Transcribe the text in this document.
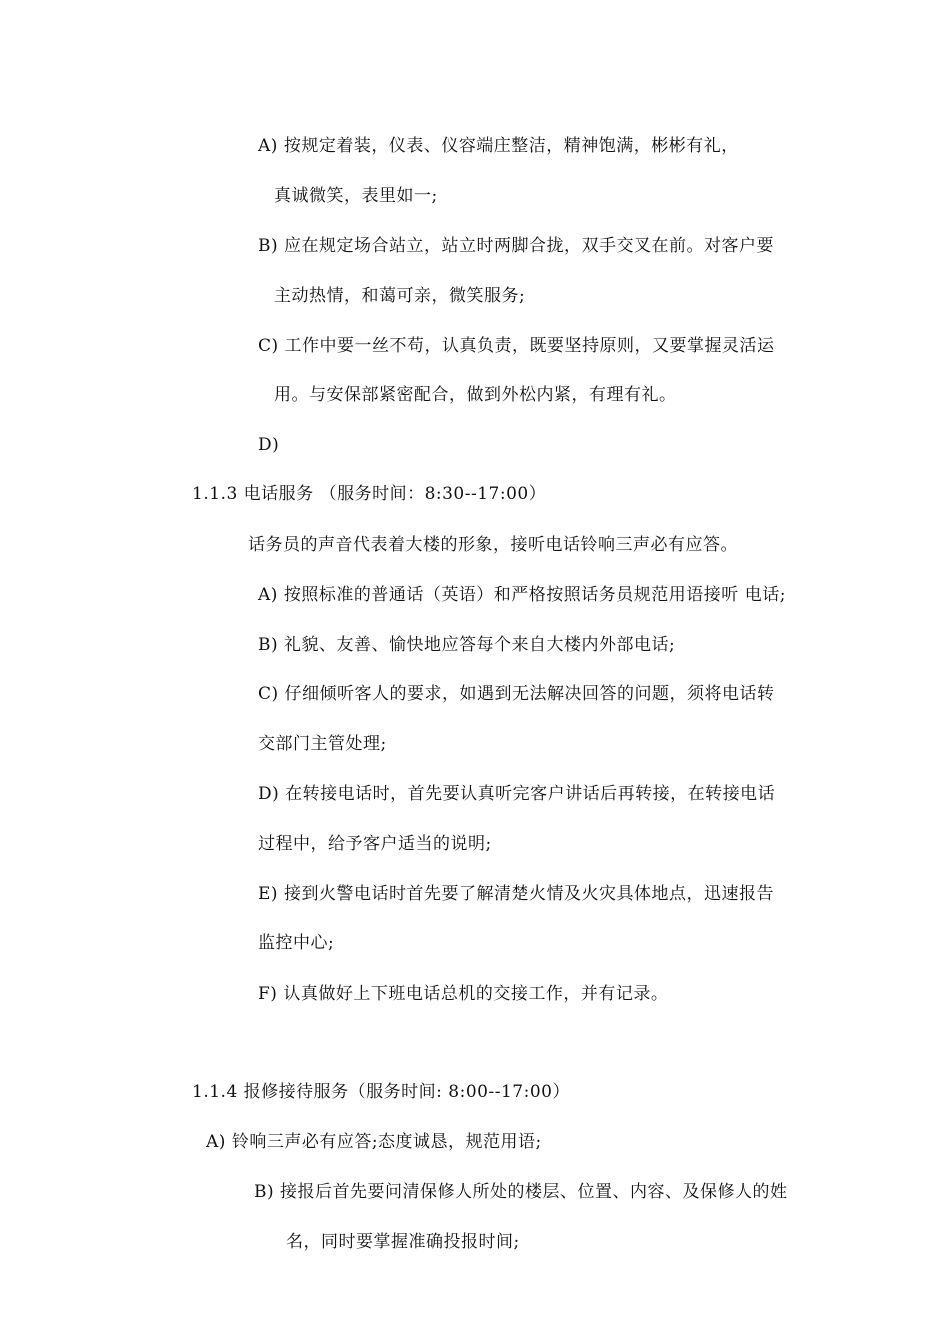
A) 按规定着装，仪表、仪容端庄整洁，精神饱满，彬彬有礼，
真诚微笑，表里如一;
B) 应在规定场合站立，站立时两脚合拢，双手交叉在前。对客户要
主动热情，和蔼可亲，微笑服务;
C) 工作中要一丝不苟，认真负责，既要坚持原则，又要掌握灵活运
用。与安保部紧密配合，做到外松内紧，有理有礼。
D)
1.1.3 电话服务 （服务时间：8:30--17:00）
话务员的声音代表着大楼的形象，接听电话铃响三声必有应答。
A) 按照标准的普通话（英语）和严格按照话务员规范用语接听 电话;
B) 礼貌、友善、愉快地应答每个来自大楼内外部电话;
C) 仔细倾听客人的要求，如遇到无法解决回答的问题，须将电话转
交部门主管处理;
D) 在转接电话时，首先要认真听完客户讲话后再转接，在转接电话
过程中，给予客户适当的说明;
E) 接到火警电话时首先要了解清楚火情及火灾具体地点，迅速报告
监控中心;
F) 认真做好上下班电话总机的交接工作，并有记录。
1.1.4 报修接待服务（服务时间: 8:00--17:00）
A) 铃响三声必有应答;态度诚恳，规范用语;
B) 接报后首先要问清保修人所处的楼层、位置、内容、及保修人的姓
名，同时要掌握准确投报时间;
